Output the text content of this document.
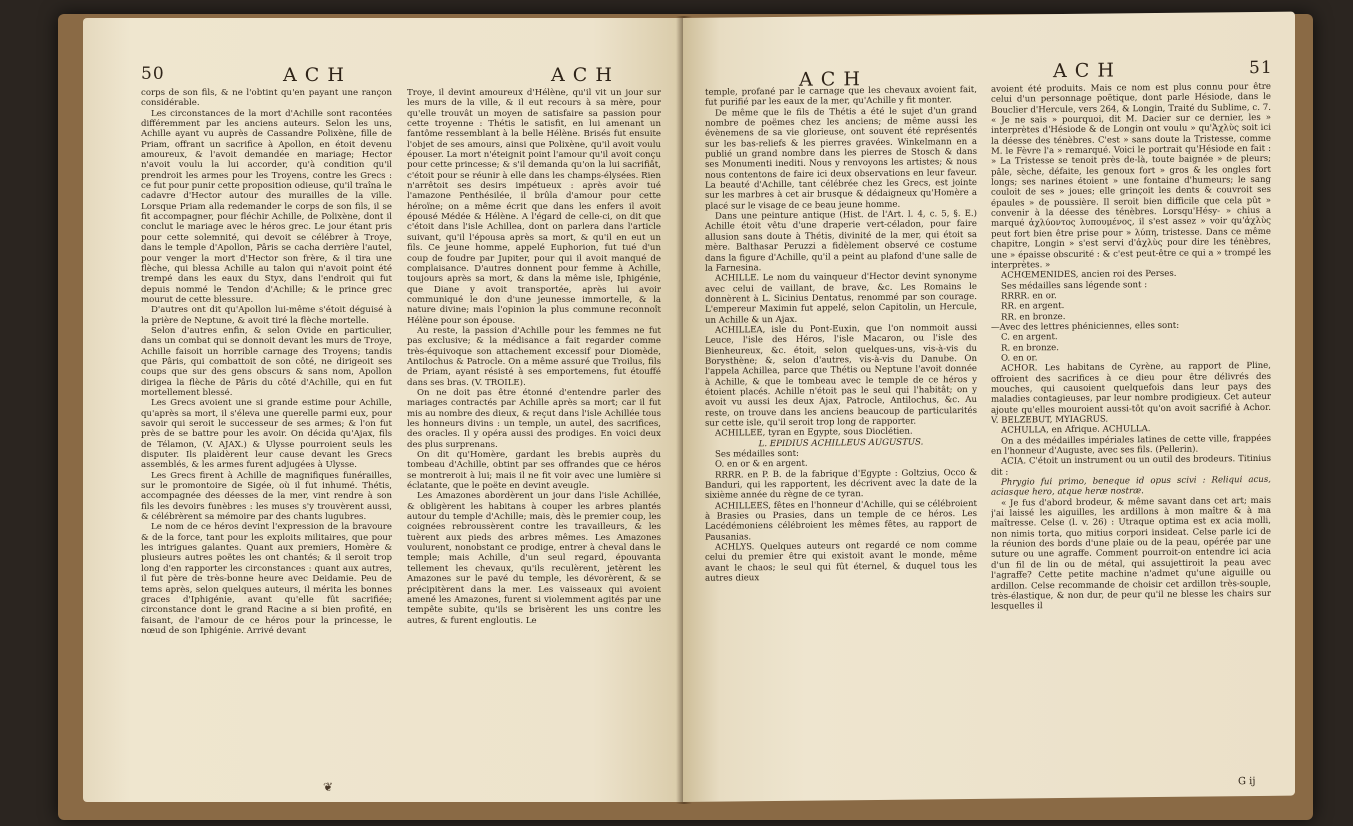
50	A C H	A C H

corps de son fils, & ne l'obtint qu'en payant une rançon considérable.

Les circonstances de la mort d'Achille sont racontées différemment par les anciens auteurs. Selon les uns, Achille ayant vu auprès de Cassandre Polixène, fille de Priam, offrant un sacrifice à Apollon, en étoit devenu amoureux, & l'avoit demandée en mariage; Hector n'avoit voulu la lui accorder, qu'à condition qu'il prendroit les armes pour les Troyens, contre les Grecs : ce fut pour punir cette proposition odieuse, qu'il traîna le cadavre d'Hector autour des murailles de la ville. Lorsque Priam alla redemander le corps de son fils, il se fit accompagner, pour fléchir Achille, de Polixène, dont il conclut le mariage avec le héros grec. Le jour étant pris pour cette solemnité, qui devoit se célébrer à Troye, dans le temple d'Apollon, Pâris se cacha derrière l'autel, pour venger la mort d'Hector son frère, & il tira une flèche, qui blessa Achille au talon qui n'avoit point été trempé dans les eaux du Styx, dans l'endroit qui fut depuis nommé le Tendon d'Achille; & le prince grec mourut de cette blessure.

D'autres ont dit qu'Apollon lui-même s'étoit déguisé à la prière de Neptune, & avoit tiré la flèche mortelle.

Selon d'autres enfin, & selon Ovide en particulier, dans un combat qui se donnoit devant les murs de Troye, Achille faisoit un horrible carnage des Troyens; tandis que Pâris, qui combattoit de son côté, ne dirigeoit ses coups que sur des gens obscurs & sans nom, Apollon dirigea la flèche de Pâris du côté d'Achille, qui en fut mortellement blessé.

Les Grecs avoient une si grande estime pour Achille, qu'après sa mort, il s'éleva une querelle parmi eux, pour savoir qui seroit le successeur de ses armes; & l'on fut près de se battre pour les avoir. On décida qu'Ajax, fils de Télamon, (V. AJAX.) & Ulysse pourroient seuls les disputer. Ils plaidèrent leur cause devant les Grecs assemblés, & les armes furent adjugées à Ulysse.

Les Grecs firent à Achille de magnifiques funérailles, sur le promontoire de Sigée, où il fut inhumé. Thétis, accompagnée des déesses de la mer, vint rendre à son fils les devoirs funèbres : les muses s'y trouvèrent aussi, & célébrèrent sa mémoire par des chants lugubres.

Le nom de ce héros devint l'expression de la bravoure & de la force, tant pour les exploits militaires, que pour les intrigues galantes. Quant aux premiers, Homère & plusieurs autres poëtes les ont chantés; & il seroit trop long d'en rapporter les circonstances : quant aux autres, il fut père de très-bonne heure avec Deidamie. Peu de tems après, selon quelques auteurs, il mérita les bonnes graces d'Iphigénie, avant qu'elle fût sacrifiée; circonstance dont le grand Racine a si bien profité, en faisant, de l'amour de ce héros pour la princesse, le nœud de son Iphigénie. Arrivé devant

Troye, il devint amoureux d'Hélène, qu'il vit un jour sur les murs de la ville, & il eut recours à sa mère, pour qu'elle trouvât un moyen de satisfaire sa passion pour cette troyenne : Thétis le satisfit, en lui amenant un fantôme ressemblant à la belle Hélène. Brisés fut ensuite l'objet de ses amours, ainsi que Polixène, qu'il avoit voulu épouser. La mort n'éteignit point l'amour qu'il avoit conçu pour cette princesse; & s'il demanda qu'on la lui sacrifiât, c'étoit pour se réunir à elle dans les champs-élysées. Rien n'arrêtoit ses desirs impétueux : après avoir tué l'amazone Penthésilée, il brûla d'amour pour cette héroïne; on a même écrit que dans les enfers il avoit épousé Médée & Hélène. A l'égard de celle-ci, on dit que c'étoit dans l'isle Achillea, dont on parlera dans l'article suivant, qu'il l'épousa après sa mort, & qu'il en eut un fils. Ce jeune homme, appelé Euphorion, fut tué d'un coup de foudre par Jupiter, pour qui il avoit manqué de complaisance. D'autres donnent pour femme à Achille, toujours après sa mort, & dans la même isle, Iphigénie, que Diane y avoit transportée, après lui avoir communiqué le don d'une jeunesse immortelle, & la nature divine; mais l'opinion la plus commune reconnoît Hélène pour son épouse.

Au reste, la passion d'Achille pour les femmes ne fut pas exclusive; & la médisance a fait regarder comme très-équivoque son attachement excessif pour Diomède, Antilochus & Patrocle. On a même assuré que Troilus, fils de Priam, ayant résisté à ses emportemens, fut étouffé dans ses bras. (V. TROILE).

On ne doit pas être étonné d'entendre parler des mariages contractés par Achille après sa mort; car il fut mis au nombre des dieux, & reçut dans l'isle Achillée tous les honneurs divins : un temple, un autel, des sacrifices, des oracles. Il y opéra aussi des prodiges. En voici deux des plus surprenans.

On dit qu'Homère, gardant les brebis auprès du tombeau d'Achille, obtint par ses offrandes que ce héros se montreroit à lui; mais il ne fit voir avec une lumière si éclatante, que le poëte en devint aveugle.

Les Amazones abordèrent un jour dans l'isle Achillée, & obligèrent les habitans à couper les arbres plantés autour du temple d'Achille; mais, dès le premier coup, les coignées rebroussèrent contre les travailleurs, & les tuèrent aux pieds des arbres mêmes. Les Amazones voulurent, nonobstant ce prodige, entrer à cheval dans le temple; mais Achille, d'un seul regard, épouvanta tellement les chevaux, qu'ils reculèrent, jetèrent les Amazones sur le pavé du temple, les dévorèrent, & se précipitèrent dans la mer. Les vaisseaux qui avoient amené les Amazones, furent si violemment agités par une tempête subite, qu'ils se brisèrent les uns contre les autres, & furent engloutis. Le

❦
A C H	A C H	51

temple, profané par le carnage que les chevaux avoient fait, fut purifié par les eaux de la mer, qu'Achille y fit monter.

De même que le fils de Thétis a été le sujet d'un grand nombre de poëmes chez les anciens; de même aussi les évènemens de sa vie glorieuse, ont souvent été représentés sur les bas-reliefs & les pierres gravées. Winkelmann en a publié un grand nombre dans les pierres de Stosch & dans ses Monumenti inediti. Nous y renvoyons les artistes; & nous nous contentons de faire ici deux observations en leur faveur. La beauté d'Achille, tant célébrée chez les Grecs, est jointe sur les marbres à cet air brusque & dédaigneux qu'Homère a placé sur le visage de ce beau jeune homme.

Dans une peinture antique (Hist. de l'Art. l. 4, c. 5, §. E.) Achille étoit vêtu d'une draperie vert-céladon, pour faire allusion sans doute à Thétis, divinité de la mer, qui étoit sa mère. Balthasar Peruzzi a fidèlement observé ce costume dans la figure d'Achille, qu'il a peint au plafond d'une salle de la Farnesina.

ACHILLE. Le nom du vainqueur d'Hector devint synonyme avec celui de vaillant, de brave, &c. Les Romains le donnèrent à L. Sicinius Dentatus, renommé par son courage. L'empereur Maximin fut appelé, selon Capitolin, un Hercule, un Achille & un Ajax.

ACHILLEA, isle du Pont-Euxin, que l'on nommoit aussi Leuce, l'isle des Héros, l'isle Macaron, ou l'isle des Bienheureux, &c. étoit, selon quelques-uns, vis-à-vis du Borysthène; &, selon d'autres, vis-à-vis du Danube. On l'appela Achillea, parce que Thétis ou Neptune l'avoit donnée à Achille, & que le tombeau avec le temple de ce héros y étoient placés. Achille n'étoit pas le seul qui l'habitât; on y avoit vu aussi les deux Ajax, Patrocle, Antilochus, &c. Au reste, on trouve dans les anciens beaucoup de particularités sur cette isle, qu'il seroit trop long de rapporter.

ACHILLEE, tyran en Egypte, sous Dioclétien.

L. EPIDIUS ACHILLEUS AUGUSTUS.

Ses médailles sont:

O. en or & en argent.

RRRR. en P. B. de la fabrique d'Egypte : Goltzius, Occo & Banduri, qui les rapportent, les décrivent avec la date de la sixième année du règne de ce tyran.

ACHILLEES, fêtes en l'honneur d'Achille, qui se célébroient à Brasies ou Prasies, dans un temple de ce héros. Les Lacédémoniens célébroient les mêmes fêtes, au rapport de Pausanias.

ACHLYS. Quelques auteurs ont regardé ce nom comme celui du premier être qui existoit avant le monde, même avant le chaos; le seul qui fût éternel, & duquel tous les autres dieux

avoient été produits. Mais ce nom est plus connu pour être celui d'un personnage poëtique, dont parle Hésiode, dans le Bouclier d'Hercule, vers 264, & Longin, Traité du Sublime, c. 7. « Je ne sais » pourquoi, dit M. Dacier sur ce dernier, les » interprètes d'Hésiode & de Longin ont voulu » qu'Ἀχλὺς soit ici la déesse des ténèbres. C'est » sans doute la Tristesse, comme M. le Fèvre l'a » remarqué. Voici le portrait qu'Hésiode en fait : » La Tristesse se tenoit près de-là, toute baignée » de pleurs; pâle, sèche, défaite, les genoux fort » gros & les ongles fort longs; ses narines étoient » une fontaine d'humeurs; le sang couloit de ses » joues; elle grinçoit les dents & couvroit ses épaules » de poussière. Il seroit bien difficile que cela pût » convenir à la déesse des ténèbres. Lorsqu'Hésy- » chius a marqué ἀχλύοντος λυπουμένος, il s'est assez » voir qu'ἀχλὺς peut fort bien être prise pour » λύπη, tristesse. Dans ce même chapitre, Longin » s'est servi d'ἀχλὺς pour dire les ténèbres, une » épaisse obscurité : & c'est peut-être ce qui a » trompé les interprètes. »

ACHŒMENIDES, ancien roi des Perses.

Ses médailles sans légende sont :

RRRR. en or.

RR. en argent.

RR. en bronze.

—Avec des lettres phéniciennes, elles sont:

C. en argent.

R. en bronze.

O. en or.

ACHOR. Les habitans de Cyrène, au rapport de Pline, offroient des sacrifices à ce dieu pour être délivrés des mouches, qui causoient quelquefois dans leur pays des maladies contagieuses, par leur nombre prodigieux. Cet auteur ajoute qu'elles mouroient aussi-tôt qu'on avoit sacrifié à Achor. V. BELZEBUT, MYIAGRUS.

ACHULLA, en Afrique. ACHULLA.

On a des médailles impériales latines de cette ville, frappées en l'honneur d'Auguste, avec ses fils. (Pellerin).

ACIA. C'étoit un instrument ou un outil des brodeurs. Titinius dit :

Phrygio fui primo, beneque id opus scivi : Reliqui acus, aciasque hero, atque heræ nostræ.

« Je fus d'abord brodeur, & même savant dans cet art; mais j'ai laissé les aiguilles, les ardillons à mon maître & à ma maîtresse. Celse (l. v. 26) : Utraque optima est ex acia molli, non nimis torta, quo mitius corpori insideat. Celse parle ici de la réunion des bords d'une plaie ou de la peau, opérée par une suture ou une agraffe. Comment pourroit-on entendre ici acia d'un fil de lin ou de métal, qui assujettiroit la peau avec l'agraffe? Cette petite machine n'admet qu'une aiguille ou ardillon. Celse recommande de choisir cet ardillon très-souple, très-élastique, & non dur, de peur qu'il ne blesse les chairs sur lesquelles il

G ij
